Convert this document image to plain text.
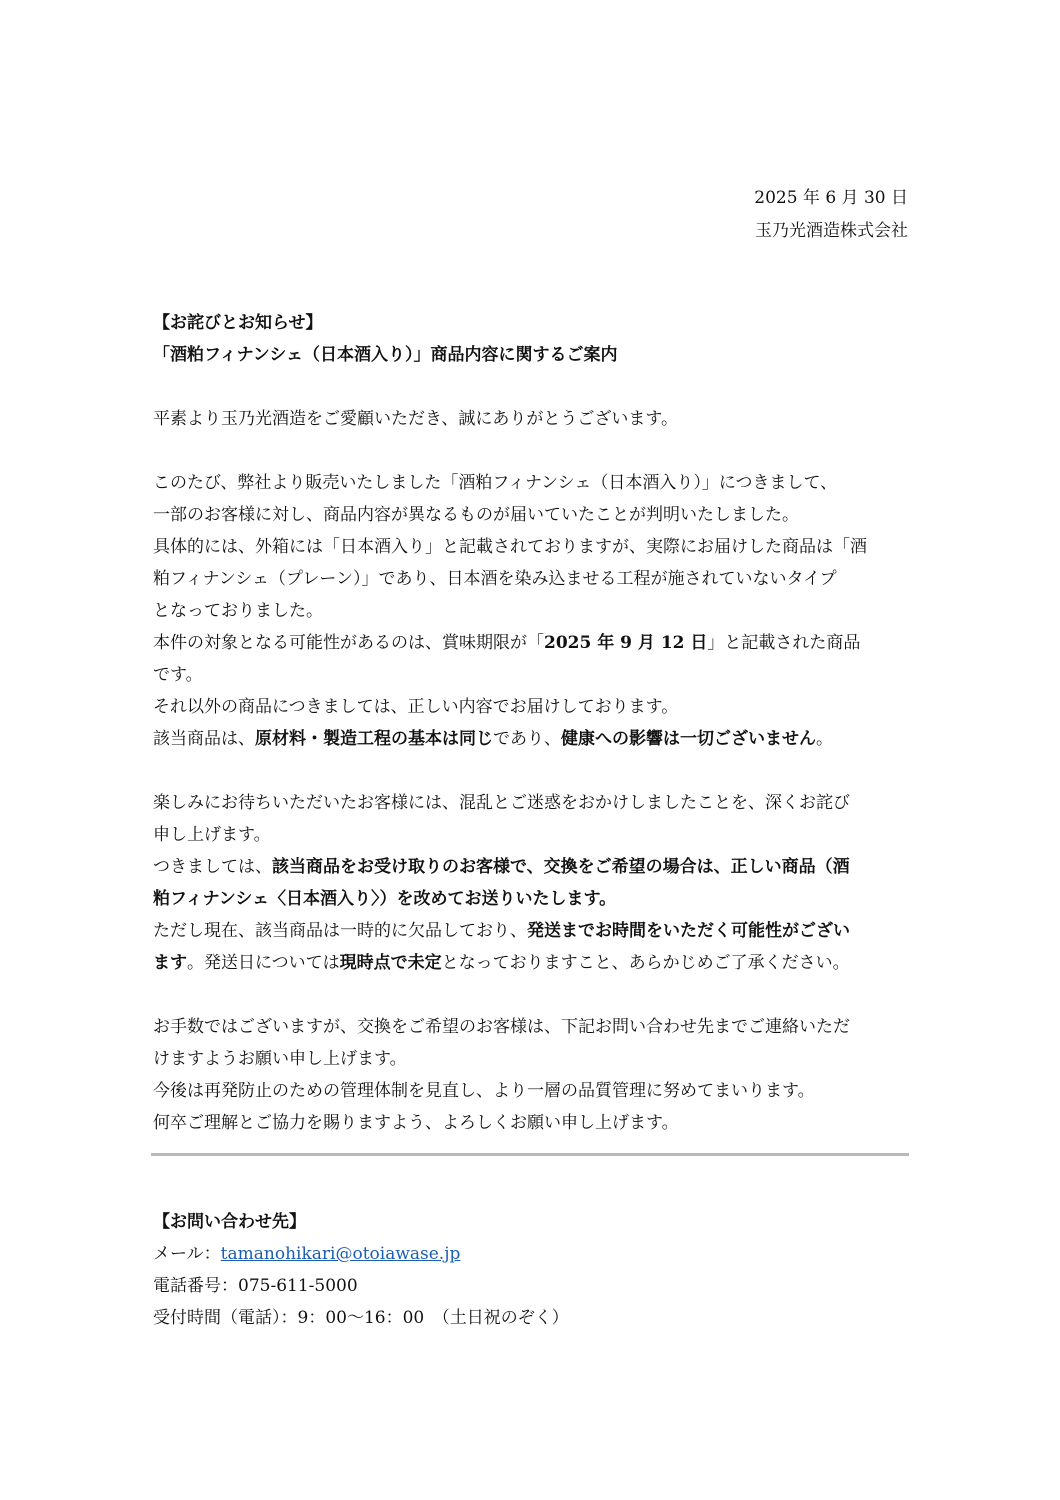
2025 年 6 月 30 日
玉乃光酒造株式会社

【お詫びとお知らせ】

「酒粕フィナンシェ（日本酒入り）」商品内容に関するご案内

平素より玉乃光酒造をご愛顧いただき、誠にありがとうございます。

このたび、弊社より販売いたしました「酒粕フィナンシェ（日本酒入り）」につきまして、

一部のお客様に対し、商品内容が異なるものが届いていたことが判明いたしました。

具体的には、外箱には「日本酒入り」と記載されておりますが、実際にお届けした商品は「酒

粕フィナンシェ（プレーン）」であり、日本酒を染み込ませる工程が施されていないタイプ

となっておりました。

本件の対象となる可能性があるのは、賞味期限が「2025 年 9 月 12 日」と記載された商品

です。

それ以外の商品につきましては、正しい内容でお届けしております。

該当商品は、原材料・製造工程の基本は同じであり、健康への影響は一切ございません。

楽しみにお待ちいただいたお客様には、混乱とご迷惑をおかけしましたことを、深くお詫び

申し上げます。

つきましては、該当商品をお受け取りのお客様で、交換をご希望の場合は、正しい商品（酒

粕フィナンシェ〈日本酒入り〉）を改めてお送りいたします。

ただし現在、該当商品は一時的に欠品しており、発送までお時間をいただく可能性がござい

ます。発送日については現時点で未定となっておりますこと、あらかじめご了承ください。

お手数ではございますが、交換をご希望のお客様は、下記お問い合わせ先までご連絡いただ

けますようお願い申し上げます。

今後は再発防止のための管理体制を見直し、より一層の品質管理に努めてまいります。

何卒ご理解とご協力を賜りますよう、よろしくお願い申し上げます。

【お問い合わせ先】

メール：tamanohikari@otoiawase.jp

電話番号：075-611-5000

受付時間（電話）：9：00～16：00　（土日祝のぞく）
